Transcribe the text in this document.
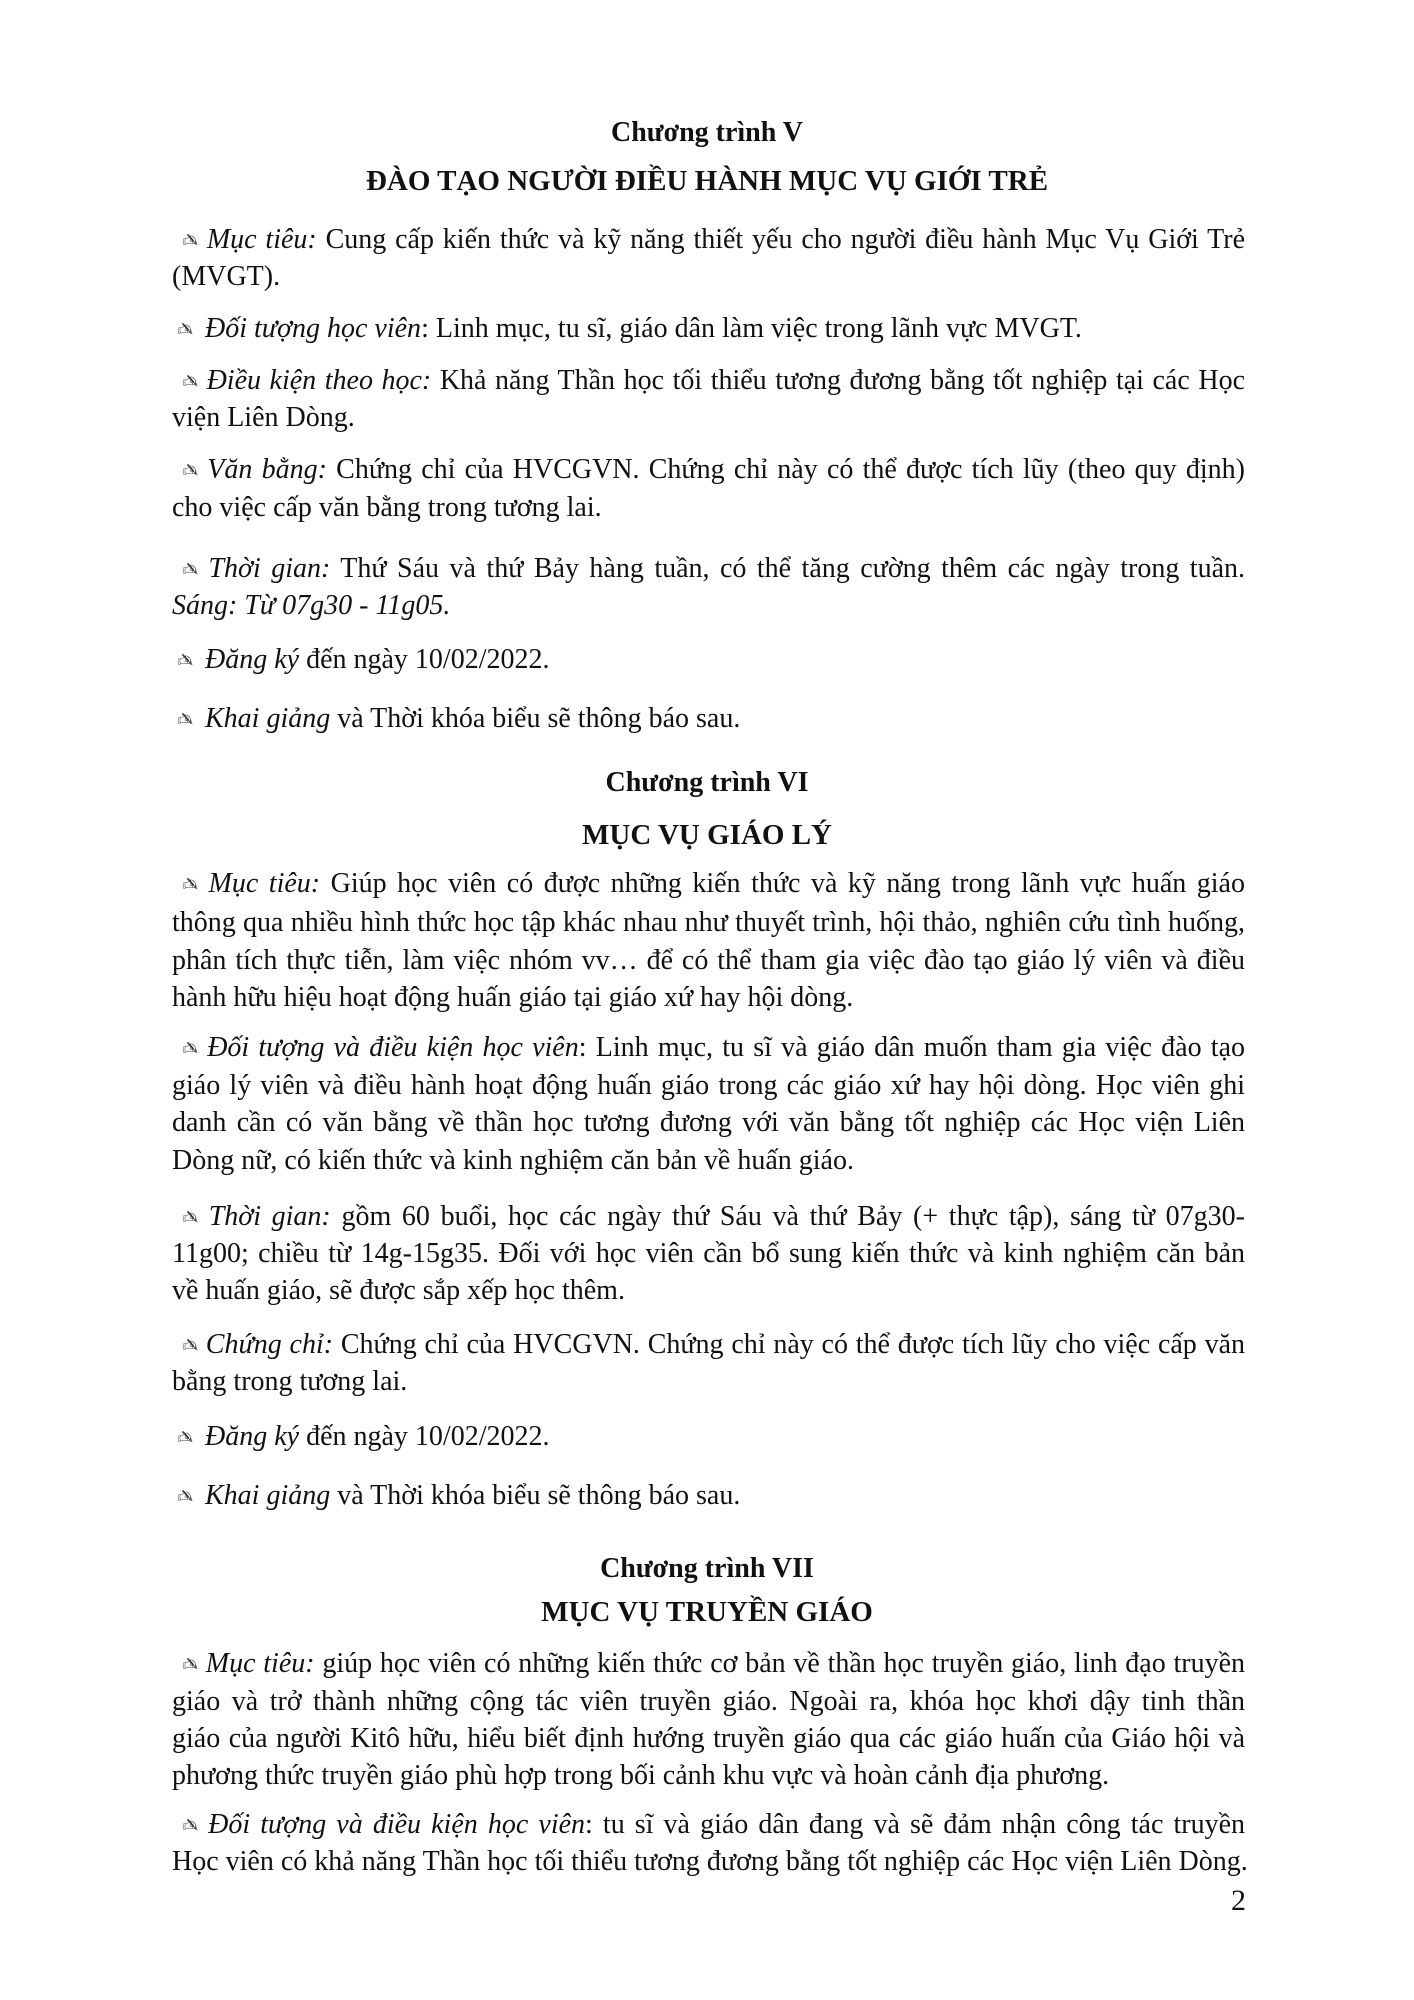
2
Chương trình V
ĐÀO TẠO NGƯỜI ĐIỀU HÀNH MỤC VỤ GIỚI TRẺ
✍ Mục tiêu: Cung cấp kiến thức và kỹ năng thiết yếu cho người điều hành Mục Vụ Giới Trẻ
(MVGT).
✍ Đối tượng học viên: Linh mục, tu sĩ, giáo dân làm việc trong lãnh vực MVGT.
✍ Điều kiện theo học: Khả năng Thần học tối thiểu tương đương bằng tốt nghiệp tại các Học
viện Liên Dòng.
✍ Văn bằng: Chứng chỉ của HVCGVN. Chứng chỉ này có thể được tích lũy (theo quy định)
cho việc cấp văn bằng trong tương lai.
✍ Thời gian: Thứ Sáu và thứ Bảy hàng tuần, có thể tăng cường thêm các ngày trong tuần.
Sáng: Từ 07g30 - 11g05.
✍ Đăng ký đến ngày 10/02/2022.
✍ Khai giảng và Thời khóa biểu sẽ thông báo sau.
Chương trình VI
MỤC VỤ GIÁO LÝ
✍ Mục tiêu: Giúp học viên có được những kiến thức và kỹ năng trong lãnh vực huấn giáo
thông qua nhiều hình thức học tập khác nhau như thuyết trình, hội thảo, nghiên cứu tình huống,
phân tích thực tiễn, làm việc nhóm vv… để có thể tham gia việc đào tạo giáo lý viên và điều
hành hữu hiệu hoạt động huấn giáo tại giáo xứ hay hội dòng.
✍ Đối tượng và điều kiện học viên: Linh mục, tu sĩ và giáo dân muốn tham gia việc đào tạo
giáo lý viên và điều hành hoạt động huấn giáo trong các giáo xứ hay hội dòng. Học viên ghi
danh cần có văn bằng về thần học tương đương với văn bằng tốt nghiệp các Học viện Liên
Dòng nữ, có kiến thức và kinh nghiệm căn bản về huấn giáo.
✍ Thời gian: gồm 60 buổi, học các ngày thứ Sáu và thứ Bảy (+ thực tập), sáng từ 07g30-
11g00; chiều từ 14g-15g35. Đối với học viên cần bổ sung kiến thức và kinh nghiệm căn bản
về huấn giáo, sẽ được sắp xếp học thêm.
✍ Chứng chỉ: Chứng chỉ của HVCGVN. Chứng chỉ này có thể được tích lũy cho việc cấp văn
bằng trong tương lai.
✍ Đăng ký đến ngày 10/02/2022.
✍ Khai giảng và Thời khóa biểu sẽ thông báo sau.
Chương trình VII
MỤC VỤ TRUYỀN GIÁO
✍ Mục tiêu: giúp học viên có những kiến thức cơ bản về thần học truyền giáo, linh đạo truyền
giáo và trở thành những cộng tác viên truyền giáo. Ngoài ra, khóa học khơi dậy tinh thần
giáo của người Kitô hữu, hiểu biết định hướng truyền giáo qua các giáo huấn của Giáo hội và
phương thức truyền giáo phù hợp trong bối cảnh khu vực và hoàn cảnh địa phương.
✍ Đối tượng và điều kiện học viên: tu sĩ và giáo dân đang và sẽ đảm nhận công tác truyền
Học viên có khả năng Thần học tối thiểu tương đương bằng tốt nghiệp các Học viện Liên Dòng.
